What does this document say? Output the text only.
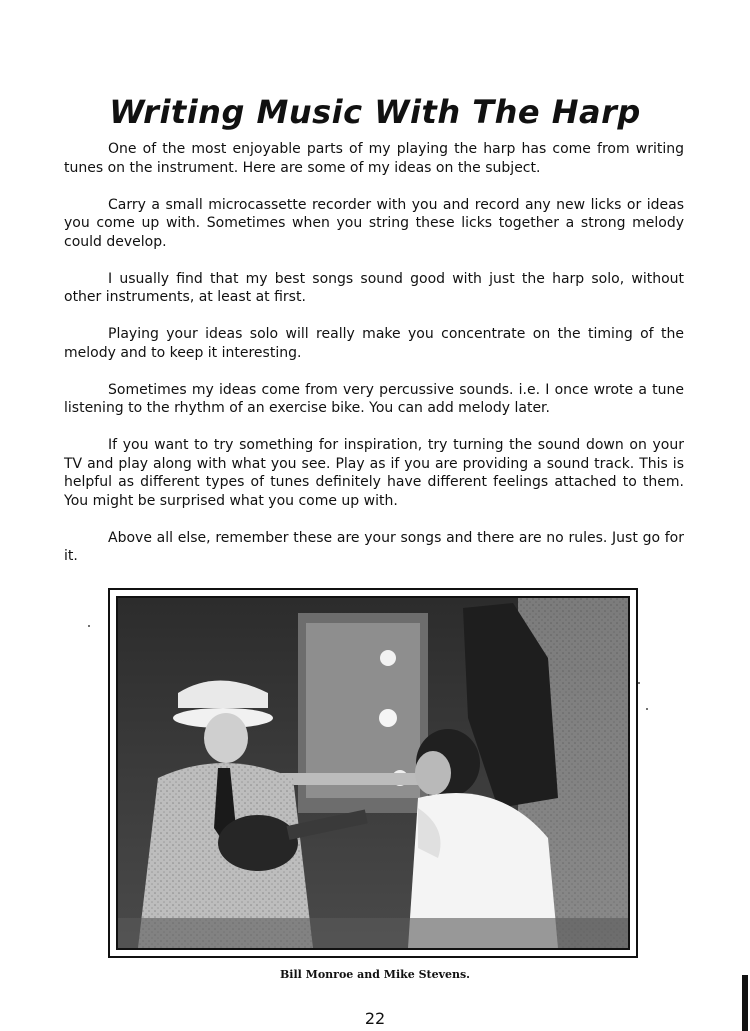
Writing Music With The Harp

One of the most enjoyable parts of my playing the harp has come from writing tunes on the instrument. Here are some of my ideas on the subject.

Carry a small microcassette recorder with you and record any new licks or ideas you come up with. Sometimes when you string these licks together a strong melody could develop.

I usually find that my best songs sound good with just the harp solo, without other instruments, at least at first.

Playing your ideas solo will really make you concentrate on the timing of the melody and to keep it interesting.

Sometimes my ideas come from very percussive sounds. i.e. I once wrote a tune listening to the rhythm of an exercise bike. You can add melody later.

If you want to try something for inspiration, try turning the sound down on your TV and play along with what you see. Play as if you are providing a sound track. This is helpful as different types of tunes definitely have different feelings attached to them. You might be surprised what you come up with.

Above all else, remember these are your songs and there are no rules. Just go for it.

Bill Monroe and Mike Stevens.
22
